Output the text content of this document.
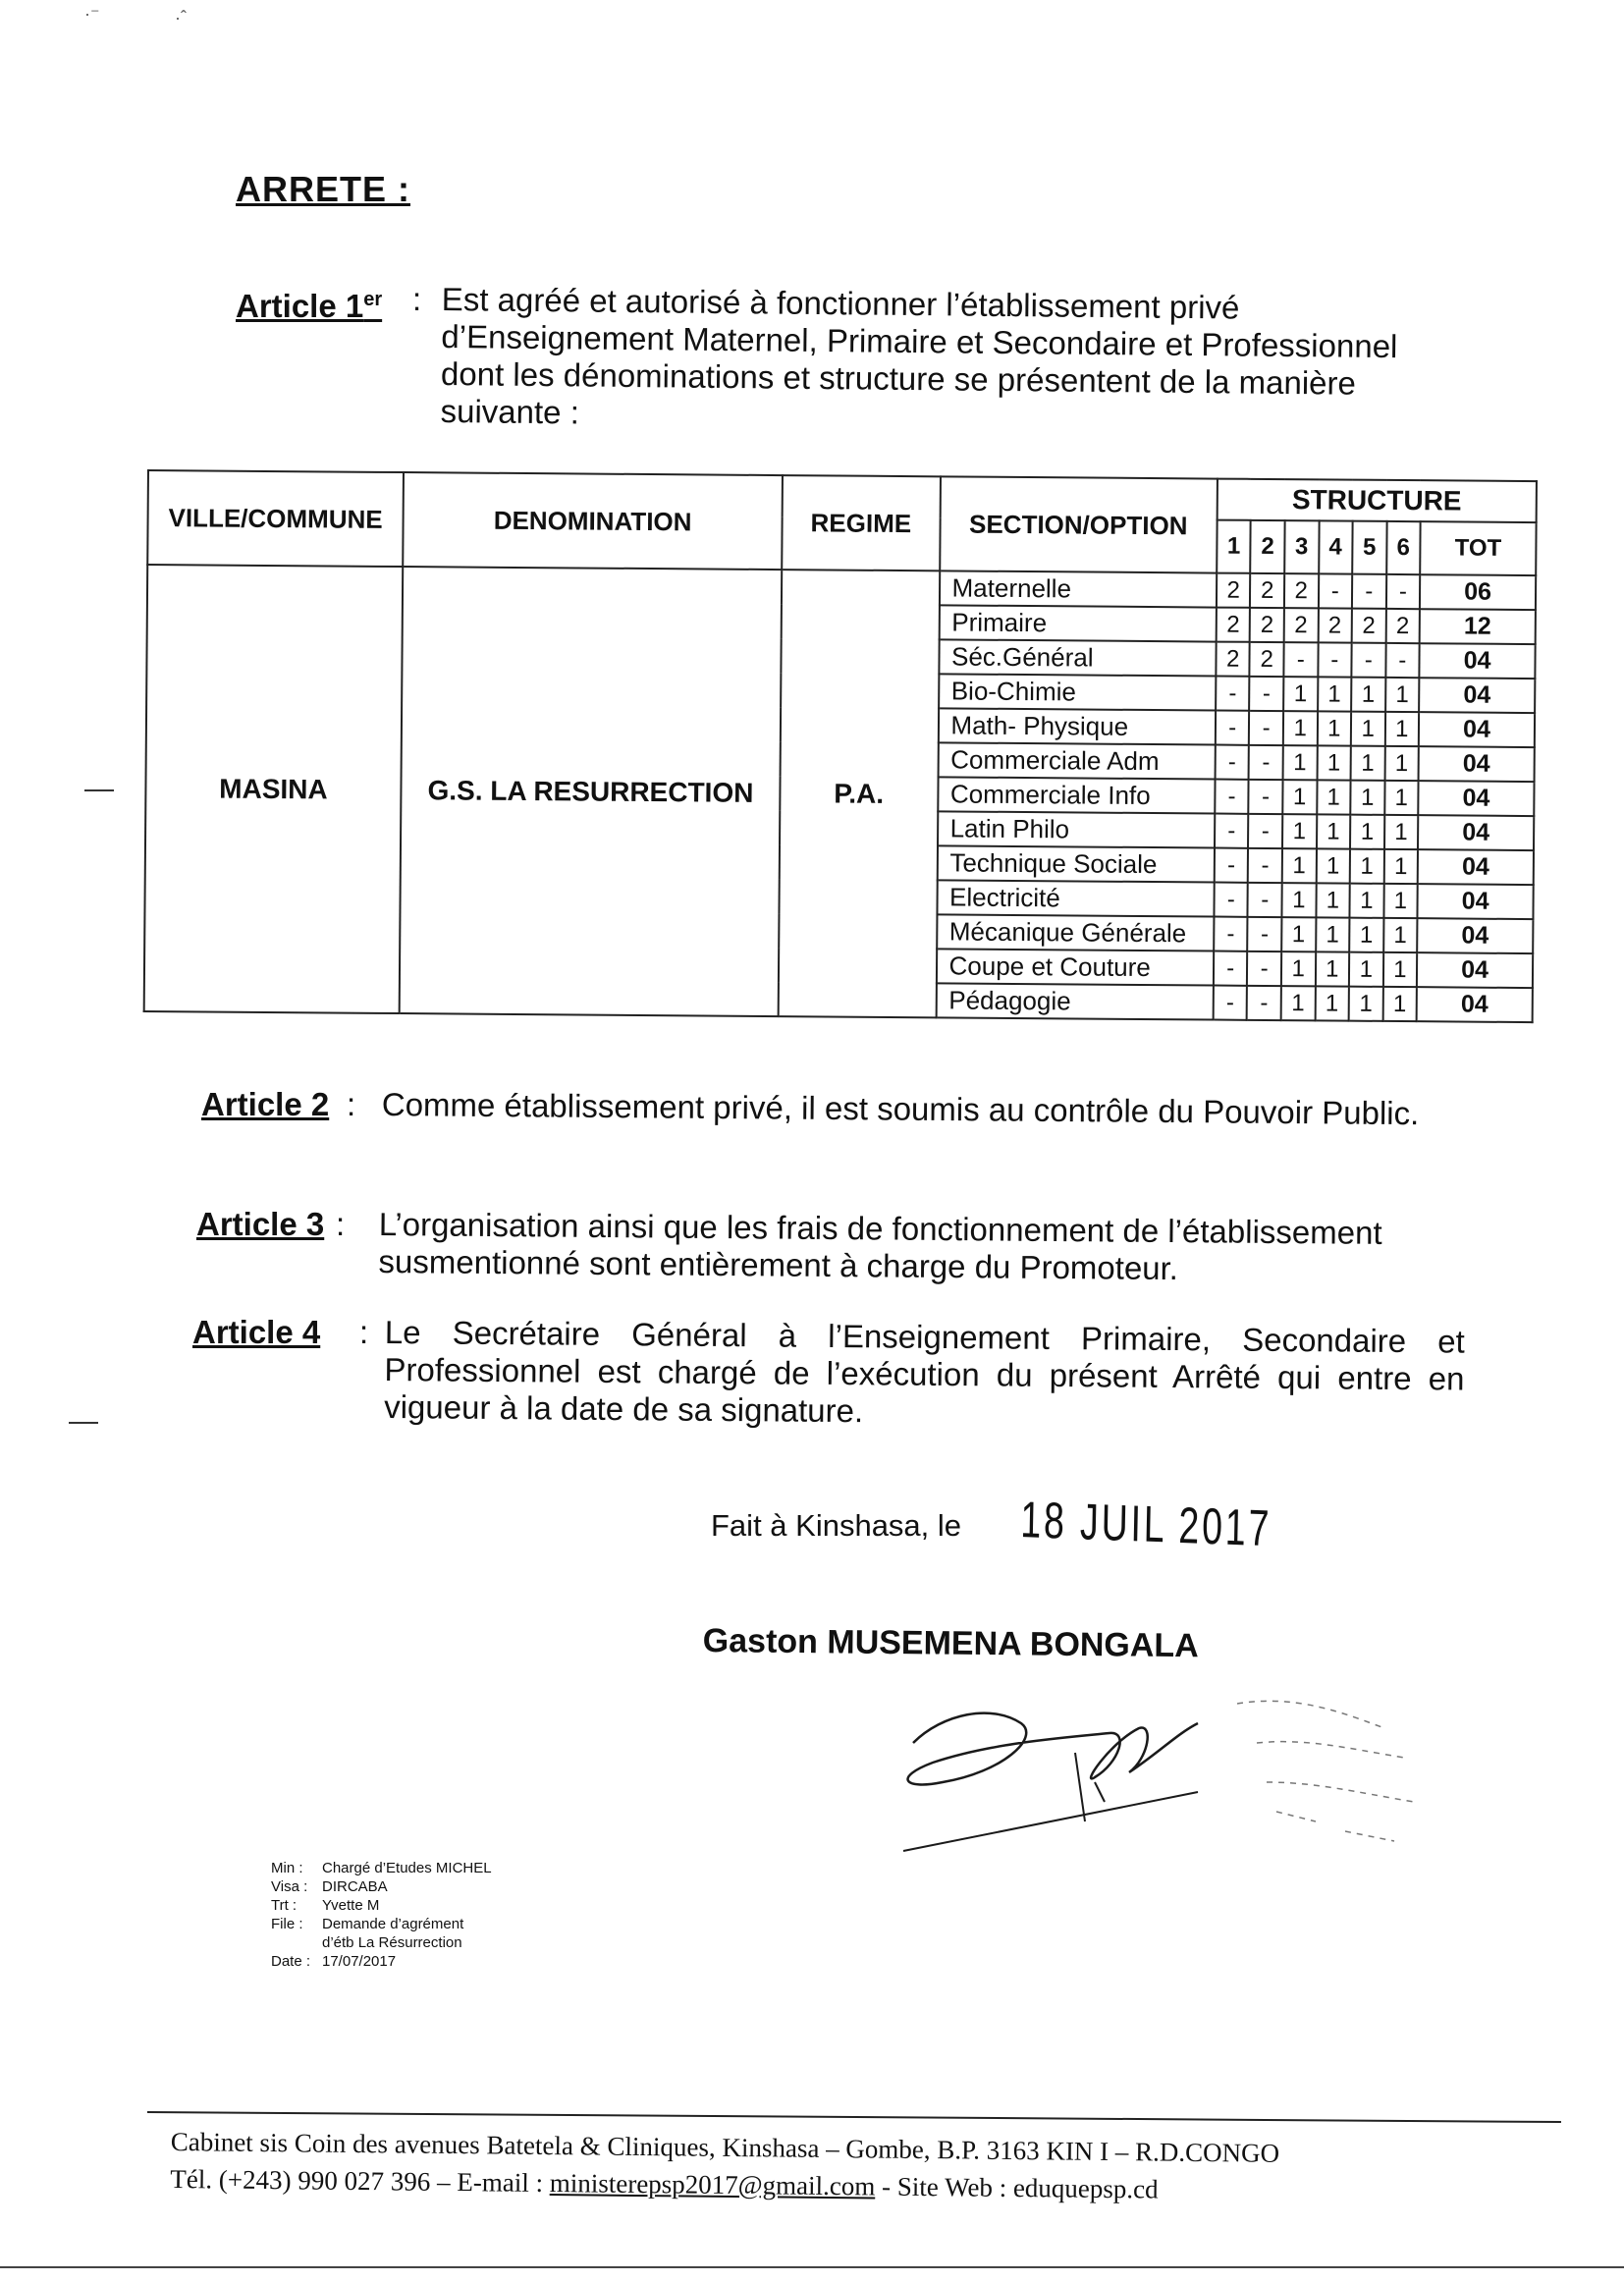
·⁻	·ˆ
ARRETE :
Article 1er : Est agréé et autorisé à fonctionner l’établissement privé d’Enseignement Maternel, Primaire et Secondaire et Professionnel dont les dénominations et structure se présentent de la manière suivante :
VILLE/COMMUNE	DENOMINATION	REGIME	SECTION/OPTION	STRUCTURE						
				1	2	3	4	5	6	TOT
MASINA	G.S. LA RESURRECTION	P.A.	Maternelle	2	2	2	-	-	-	06
			Primaire	2	2	2	2	2	2	12
			Séc.Général	2	2	-	-	-	-	04
			Bio-Chimie	-	-	1	1	1	1	04
			Math- Physique	-	-	1	1	1	1	04
			Commerciale Adm	-	-	1	1	1	1	04
			Commerciale Info	-	-	1	1	1	1	04
			Latin Philo	-	-	1	1	1	1	04
			Technique Sociale	-	-	1	1	1	1	04
			Electricité	-	-	1	1	1	1	04
			Mécanique Générale	-	-	1	1	1	1	04
			Coupe et Couture	-	-	1	1	1	1	04
			Pédagogie	-	-	1	1	1	1	04
Article 2 : Comme établissement privé, il est soumis au contrôle du Pouvoir Public.
Article 3 : L’organisation ainsi que les frais de fonctionnement de l’établissement susmentionné sont entièrement à charge du Promoteur.
Article 4 : Le Secrétaire Général à l’Enseignement Primaire, Secondaire et Professionnel est chargé de l’exécution du présent Arrêté qui entre en vigueur à la date de sa signature.
Fait à Kinshasa, le 18 JUIL 2017
Gaston MUSEMENA BONGALA
Min :	Chargé d’Etudes MICHEL
Visa : DIRCABA
Trt :	Yvette M
File :	Demande d’agrément
d’étb La Résurrection
Date : 17/07/2017
Cabinet sis Coin des avenues Batetela & Cliniques, Kinshasa – Gombe, B.P. 3163 KIN I – R.D.CONGO
Tél. (+243) 990 027 396 – E-mail : ministerepsp2017@gmail.com - Site Web : eduquepsp.cd
